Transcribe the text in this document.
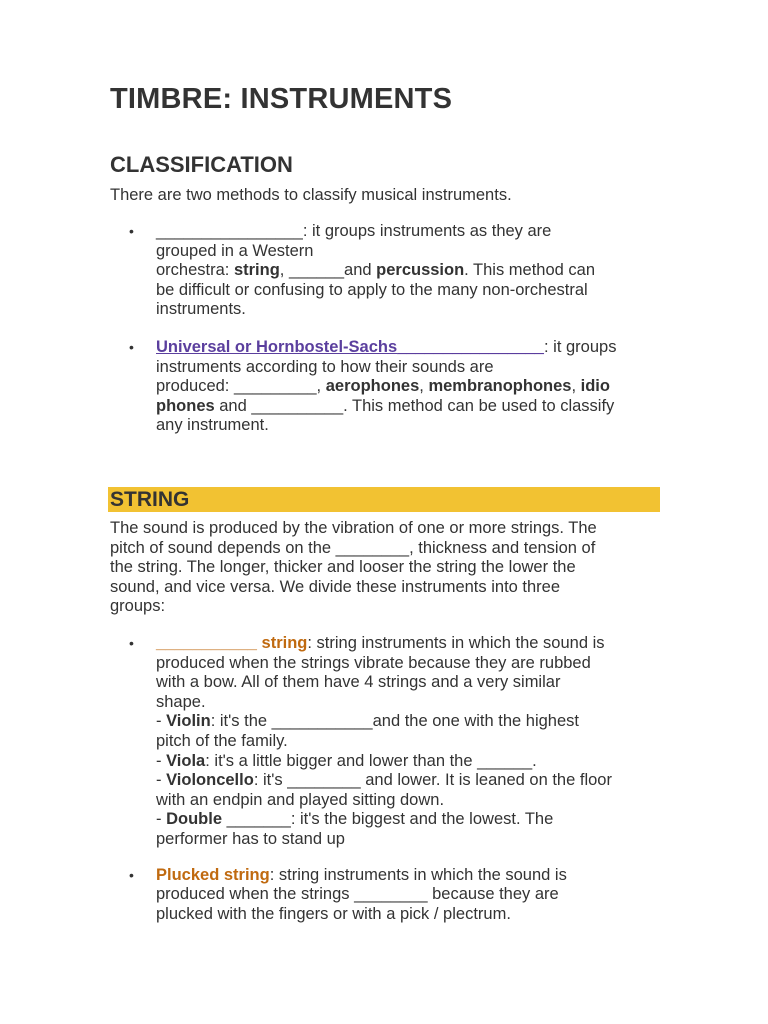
TIMBRE: INSTRUMENTS
CLASSIFICATION

There are two methods to classify musical instruments.

• ________________: it groups instruments as they are
grouped in a Western
orchestra: string, ______and percussion. This method can
be difficult or confusing to apply to the many non-orchestral
instruments.
• Universal or Hornbostel-Sachs________________: it groups
instruments according to how their sounds are
produced: _________, aerophones, membranophones, idio
phones and __________. This method can be used to classify
any instrument.
STRING
The sound is produced by the vibration of one or more strings. The
pitch of sound depends on the ________, thickness and tension of
the string. The longer, thicker and looser the string the lower the
sound, and vice versa. We divide these instruments into three
groups:
• ___________ string: string instruments in which the sound is
produced when the strings vibrate because they are rubbed
with a bow. All of them have 4 strings and a very similar
shape.
- Violin: it's the ___________and the one with the highest
pitch of the family.
- Viola: it's a little bigger and lower than the ______.
- Violoncello: it's ________ and lower. It is leaned on the floor
with an endpin and played sitting down.
- Double _______: it's the biggest and the lowest. The
performer has to stand up
• Plucked string: string instruments in which the sound is
produced when the strings ________ because they are
plucked with the fingers or with a pick / plectrum.
